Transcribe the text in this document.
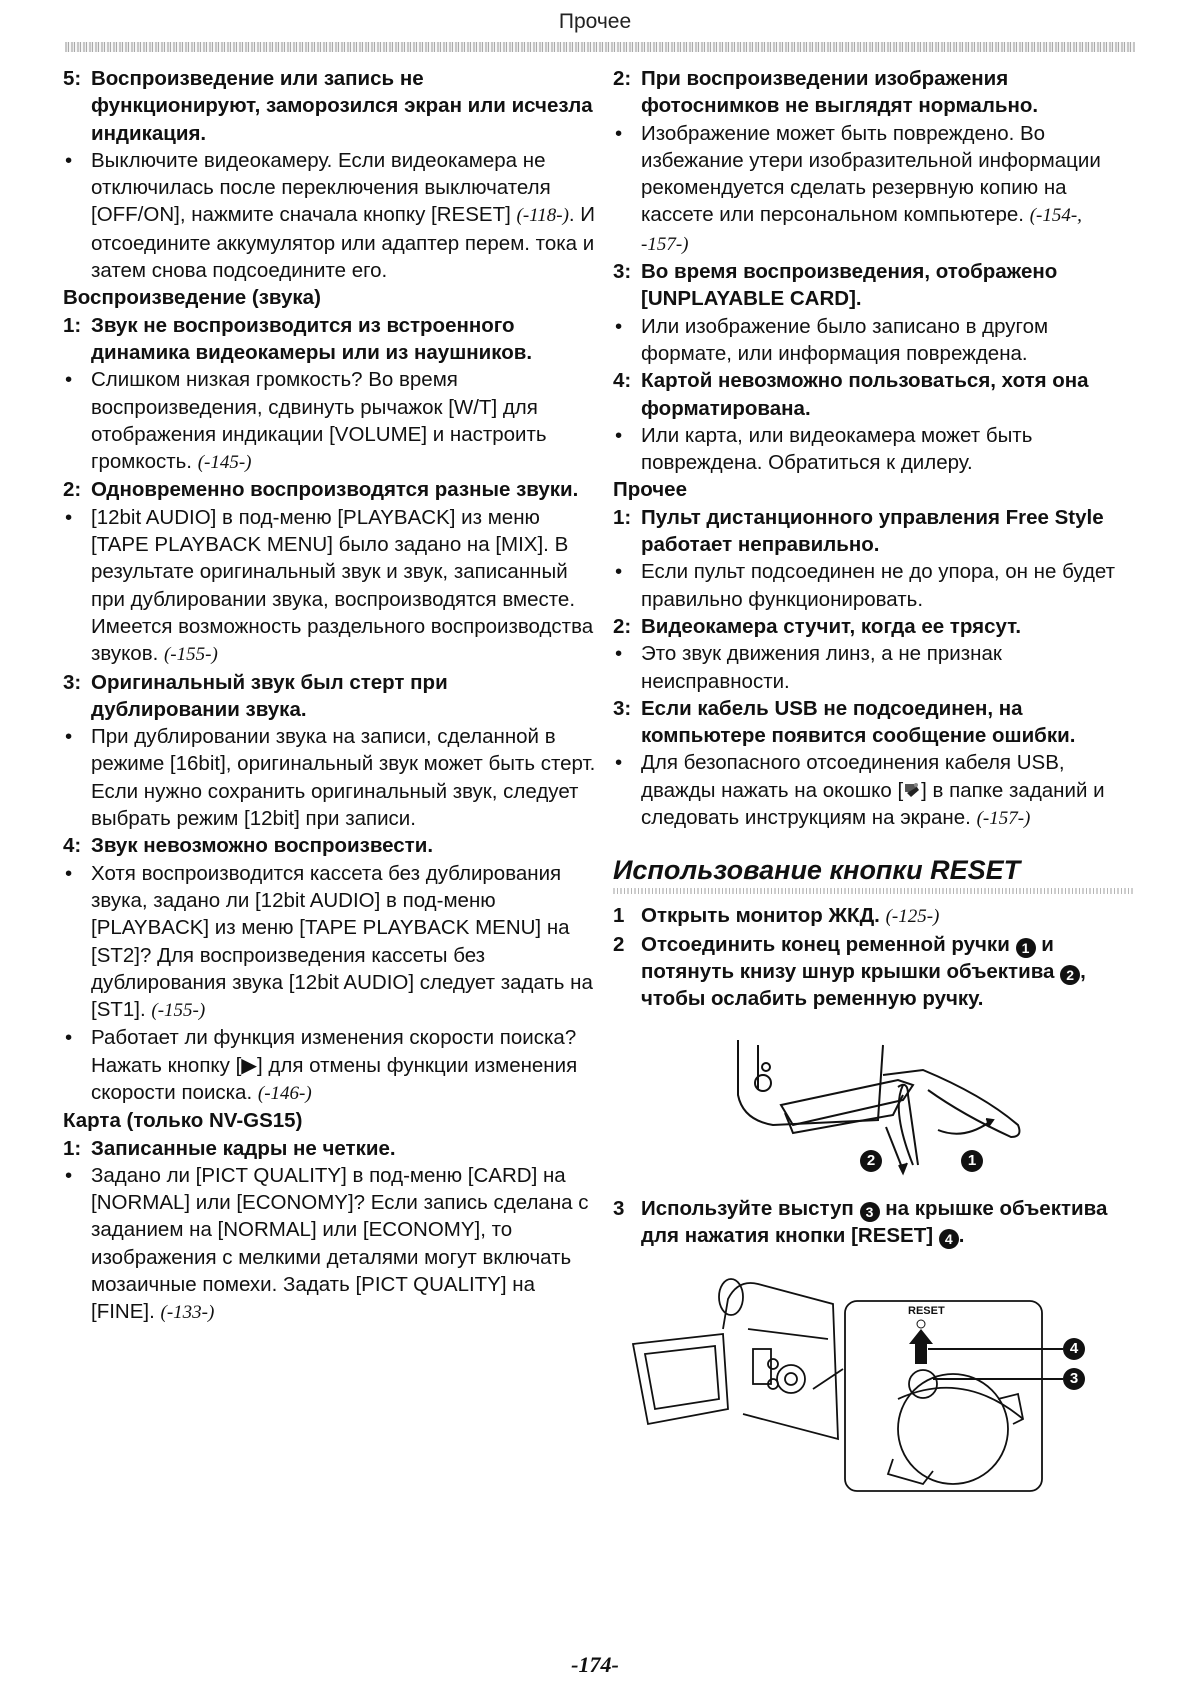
Прочее
5: Воспроизведение или запись не функционируют, заморозился экран или исчезла индикация.
• Выключите видеокамеру. Если видеокамера не отключилась после переключения выключателя [OFF/ON], нажмите сначала кнопку [RESET] (-118-). И отсоедините аккумулятор или адаптер перем. тока и затем снова подсоедините его.
Воспроизведение (звука)
1: Звук не воспроизводится из встроенного динамика видеокамеры или из наушников.
• Слишком низкая громкость? Во время воспроизведения, сдвинуть рычажок [W/T] для отображения индикации [VOLUME] и настроить громкость. (-145-)
2: Одновременно воспроизводятся разные звуки.
• [12bit AUDIO] в под-меню [PLAYBACK] из меню [TAPE PLAYBACK MENU] было задано на [MIX]. В результате оригинальный звук и звук, записанный при дублировании звука, воспроизводятся вместе. Имеется возможность раздельного воспроизводства звуков. (-155-)
3: Оригинальный звук был стерт при дублировании звука.
• При дублировании звука на записи, сделанной в режиме [16bit], оригинальный звук может быть стерт. Если нужно сохранить оригинальный звук, следует выбрать режим [12bit] при записи.
4: Звук невозможно воспроизвести.
• Хотя воспроизводится кассета без дублирования звука, задано ли [12bit AUDIO] в под-меню [PLAYBACK] из меню [TAPE PLAYBACK MENU] на [ST2]? Для воспроизведения кассеты без дублирования звука [12bit AUDIO] следует задать на [ST1]. (-155-)
• Работает ли функция изменения скорости поиска? Нажать кнопку [▶] для отмены функции изменения скорости поиска. (-146-)
Карта (только NV-GS15)
1: Записанные кадры не четкие.
• Задано ли [PICT QUALITY] в под-меню [CARD] на [NORMAL] или [ECONOMY]? Если запись сделана с заданием на [NORMAL] или [ECONOMY], то изображения с мелкими деталями могут включать мозаичные помехи. Задать [PICT QUALITY] на [FINE]. (-133-)
2: При воспроизведении изображения фотоснимков не выглядят нормально.
• Изображение может быть повреждено. Во избежание утери изобразительной информации рекомендуется сделать резервную копию на кассете или персональном компьютере. (-154-, -157-)
3: Во время воспроизведения, отображено [UNPLAYABLE CARD].
• Или изображение было записано в другом формате, или информация повреждена.
4: Картой невозможно пользоваться, хотя она форматирована.
• Или карта, или видеокамера может быть повреждена. Обратиться к дилеру.
Прочее
1: Пульт дистанционного управления Free Style работает неправильно.
• Если пульт подсоединен не до упора, он не будет правильно функционировать.
2: Видеокамера стучит, когда ее трясут.
• Это звук движения линз, а не признак неисправности.
3: Если кабель USB не подсоединен, на компьютере появится сообщение ошибки.
• Для безопасного отсоединения кабеля USB, дважды нажать на окошко [ ] в папке заданий и следовать инструкциям на экране. (-157-)
Использование кнопки RESET
1 Открыть монитор ЖКД. (-125-)
2 Отсоединить конец ременной ручки 1 и потянуть книзу шнур крышки объектива 2 , чтобы ослабить ременную ручку.
2	1
3 Используйте выступ 3 на крышке объектива для нажатия кнопки [RESET] 4 .
RESET
4
3
-174-
